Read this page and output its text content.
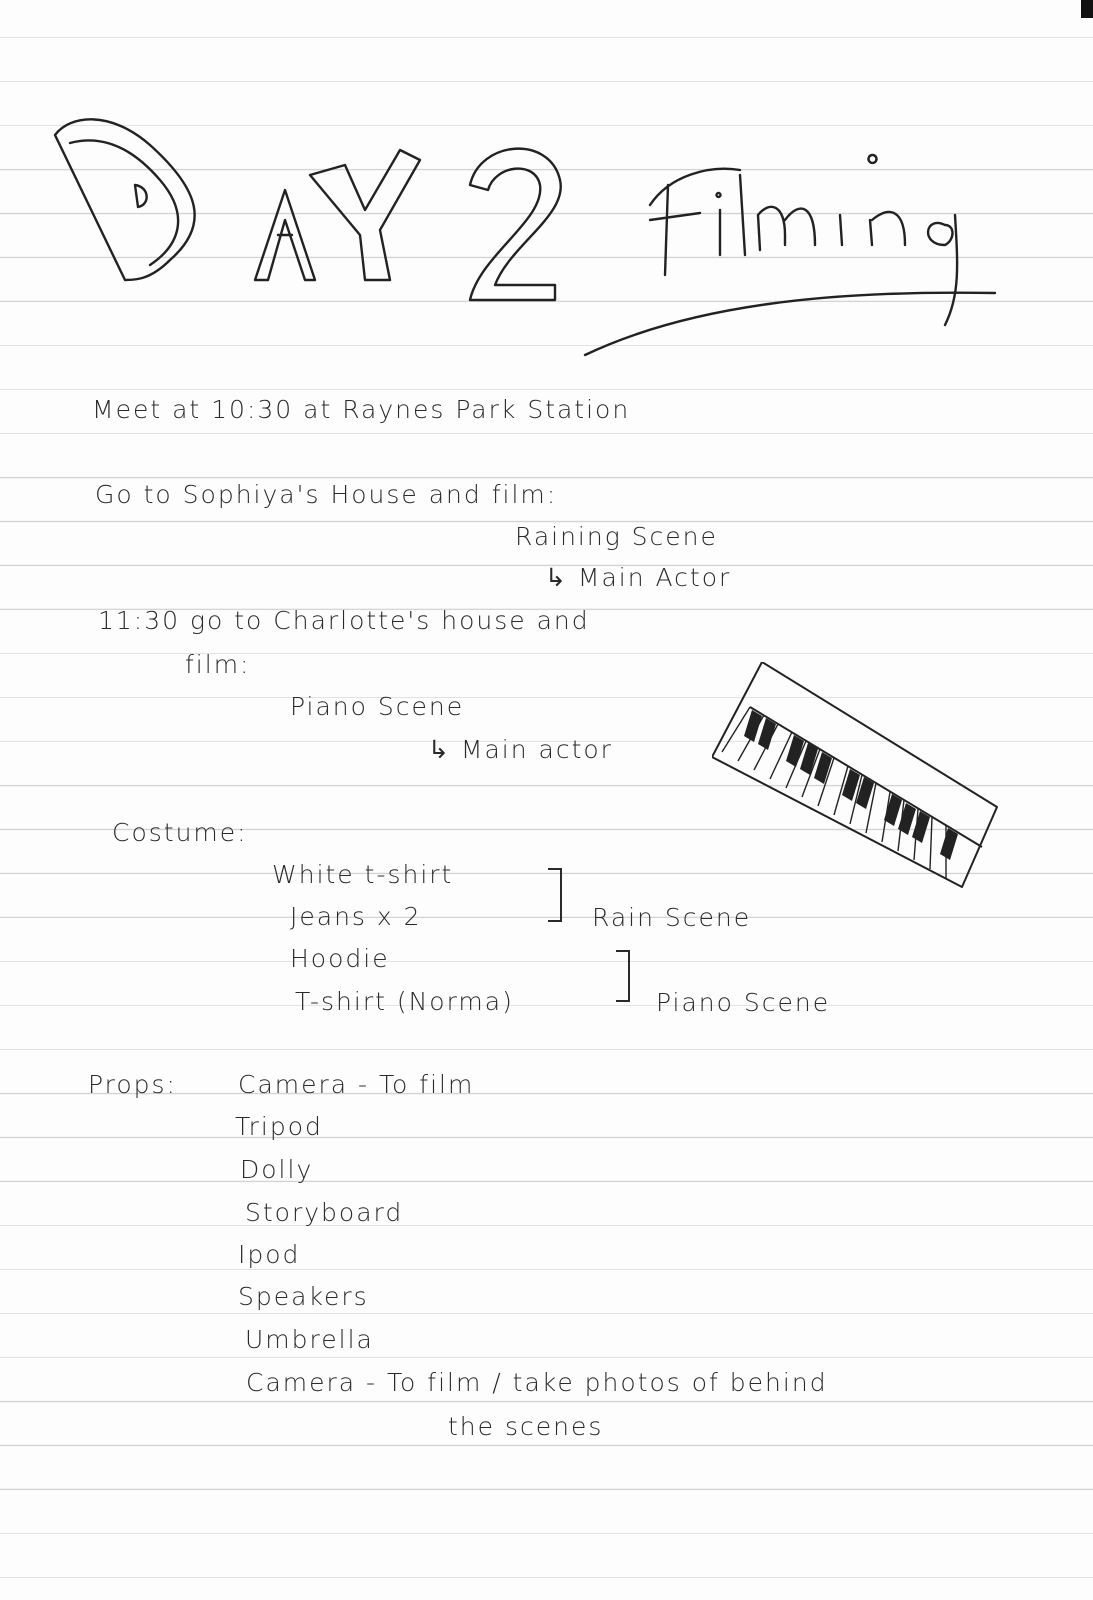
Meet at 10:30 at Raynes Park Station
Go to Sophiya's House and film:
Raining Scene
↳ Main Actor
11:30 go to Charlotte's house and
film:
Piano Scene
↳ Main actor
Costume:
White t-shirt
Jeans x 2
Hoodie
T-shirt (Norma)
Rain Scene
Piano Scene
Props: Camera - To film
Tripod
Dolly
Storyboard
Ipod
Speakers
Umbrella
Camera - To film / take photos of behind
the scenes
